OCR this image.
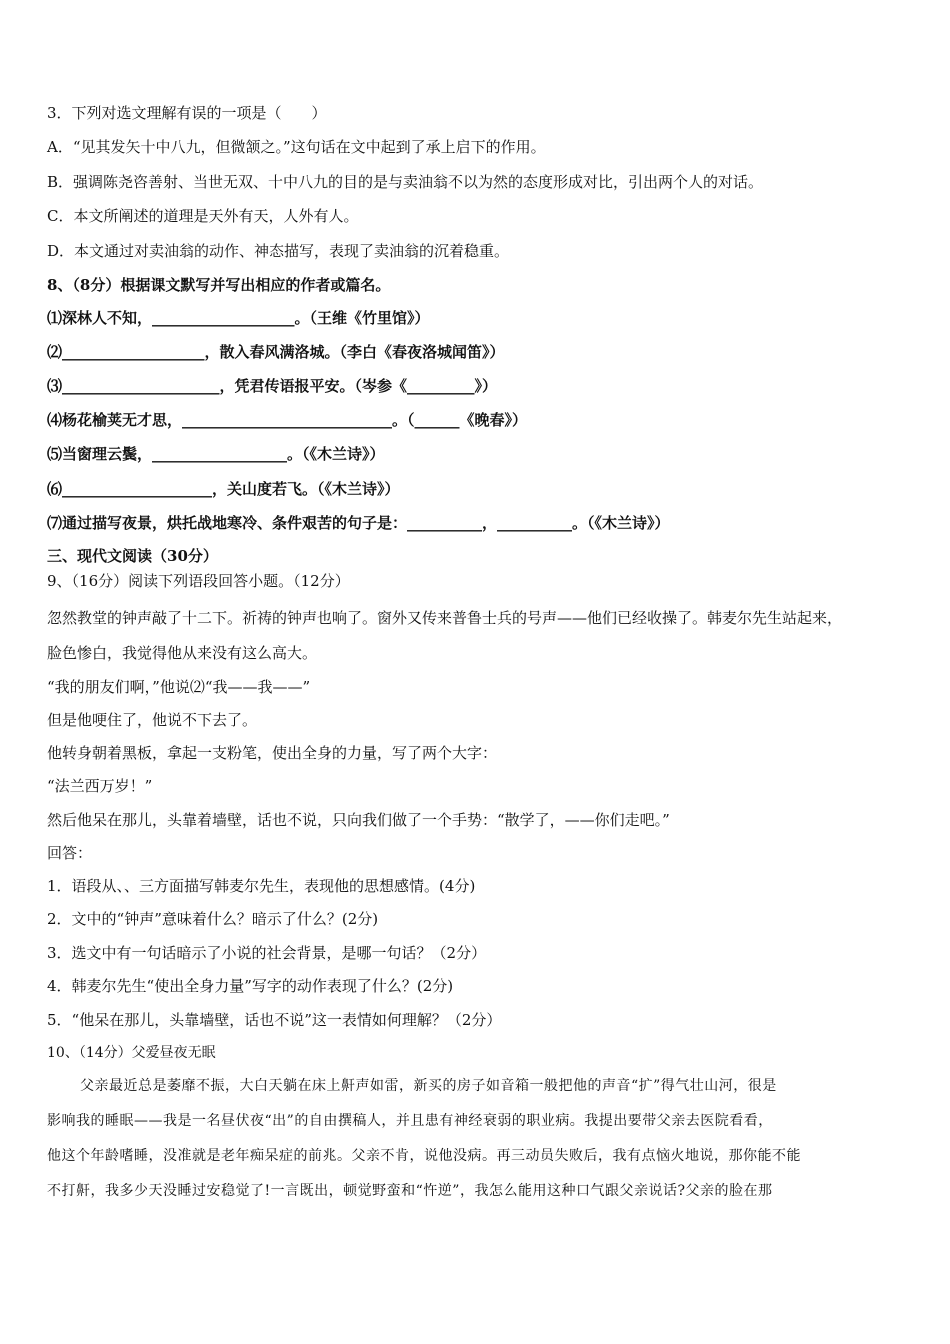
3．下列对选文理解有误的一项是（　　）
A．“见其发矢十中八九，但微颔之。”这句话在文中起到了承上启下的作用。
B．强调陈尧咨善射、当世无双、十中八九的目的是与卖油翁不以为然的态度形成对比，引出两个人的对话。
C．本文所阐述的道理是天外有天，人外有人。
D．本文通过对卖油翁的动作、神态描写，表现了卖油翁的沉着稳重。
8、（8分）根据课文默写并写出相应的作者或篇名。
⑴深林人不知，___________________。（王维《竹里馆》）
⑵___________________，散入春风满洛城。（李白《春夜洛城闻笛》）
⑶_____________________，凭君传语报平安。（岑参《_________》）
⑷杨花榆荚无才思，____________________________。（______《晚春》）
⑸当窗理云鬓，__________________。（《木兰诗》）
⑹____________________，关山度若飞。（《木兰诗》）
⑺通过描写夜景，烘托战地寒冷、条件艰苦的句子是：__________，__________。（《木兰诗》）
三、现代文阅读（30分）
9、（16分）阅读下列语段回答小题。（12分）
忽然教堂的钟声敲了十二下。祈祷的钟声也响了。窗外又传来普鲁士兵的号声——他们已经收操了。韩麦尔先生站起来，
脸色惨白，我觉得他从来没有这么高大。
“我的朋友们啊，”他说⑵“我——我——”
但是他哽住了，他说不下去了。
他转身朝着黑板，拿起一支粉笔，使出全身的力量，写了两个大字：
“法兰西万岁！”
然后他呆在那儿，头靠着墙壁，话也不说，只向我们做了一个手势：“散学了，——你们走吧。”
回答：
1．语段从、、三方面描写韩麦尔先生，表现他的思想感情。(4分)
2．文中的“钟声”意味着什么？暗示了什么？(2分)
3．选文中有一句话暗示了小说的社会背景，是哪一句话？（2分）
4．韩麦尔先生“使出全身力量”写字的动作表现了什么？(2分)
5．“他呆在那儿，头靠墙壁，话也不说”这一表情如何理解？（2分）
10、（14分）父爱昼夜无眠
父亲最近总是萎靡不振，大白天躺在床上鼾声如雷，新买的房子如音箱一般把他的声音“扩”得气壮山河，很是
影响我的睡眠——我是一名昼伏夜“出”的自由撰稿人，并且患有神经衰弱的职业病。我提出要带父亲去医院看看，
他这个年龄嗜睡，没准就是老年痴呆症的前兆。父亲不肯，说他没病。再三动员失败后，我有点恼火地说，那你能不能
不打鼾，我多少天没睡过安稳觉了!一言既出，顿觉野蛮和“忤逆”，我怎么能用这种口气跟父亲说话?父亲的脸在那
